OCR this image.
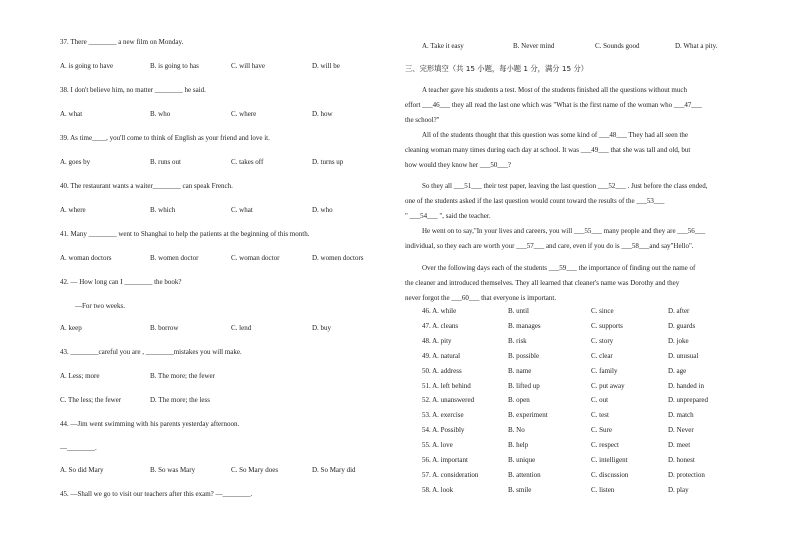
37. There ________ a new film on Monday.
A. is going to have	B. is going to has	C. will have	D. will be
38. I don't believe him, no matter ________ he said.
A. what	B. who	C. where	D. how
39. As time____, you'll come to think of English as your friend and love it.
A. goes by	B. runs out	C. takes off	D. turns up
40. The restaurant wants a waiter________ can speak French.
A. where	B. which	C. what	D. who
41. Many ________ went to Shanghai to help the patients at the beginning of this month.
A. woman doctors	B. women doctor	C. woman doctor	D. women doctors
42. — How long can I ________ the book?
—For two weeks.
A. keep	B. borrow	C. lend	D. buy
43. ________careful you are , ________mistakes you will make.
A. Less; more	B. The more; the fewer
C. The less; the fewer	D. The more; the less
44. —Jim went swimming with his parents yesterday afternoon.
—________.
A. So did Mary	B. So was Mary	C. So Mary does	D. So Mary did
45. —Shall we go to visit our teachers after this exam? —________.
A. Take it easy	B. Never mind	C. Sounds good	D. What a pity.
三、完形填空（共 15 小题，每小题 1 分，满分 15 分）
A teacher gave his students a test. Most of the students finished all the questions without much
effort ___46___ they all read the last one which was "What is the first name of the woman who ___47___
the school?"
All of the students thought that this question was some kind of ___48___ They had all seen the
cleaning woman many times during each day at school. It was ___49___ that she was tall and old, but
how would they know her ___50___?
So they all ___51___ their test paper, leaving the last question ___52___ . Just before the class ended,
one of the students asked if the last question would count toward the results of the ___53___
" ___54___ ", said the teacher.
He went on to say,"In your lives and careers, you will ___55___ many people and they are ___56___
individual, so they each are worth your ___57___ and care, even if you do is ___58___and say"Hello".
Over the following days each of the students ___59___ the importance of finding out the name of
the cleaner and introduced themselves. They all learned that cleaner's name was Dorothy and they
never forgot the ___60___ that everyone is important.
46. A. while	B. until	C. since	D. after
47. A. cleans	B. manages	C. supports	D. guards
48. A. pity	B. risk	C. story	D. joke
49. A. natural	B. possible	C. clear	D. unusual
50. A. address	B. name	C. family	D. age
51. A. left behind	B. lifted up	C. put away	D. handed in
52. A. unanswered	B. open	C. out	D. unprepared
53. A. exercise	B. experiment	C. test	D. match
54. A. Possibly	B. No	C. Sure	D. Never
55. A. love	B. help	C. respect	D. meet
56. A. important	B. unique	C. intelligent	D. honest
57. A. consideration	B. attention	C. discussion	D. protection
58. A. look	B. smile	C. listen	D. play
